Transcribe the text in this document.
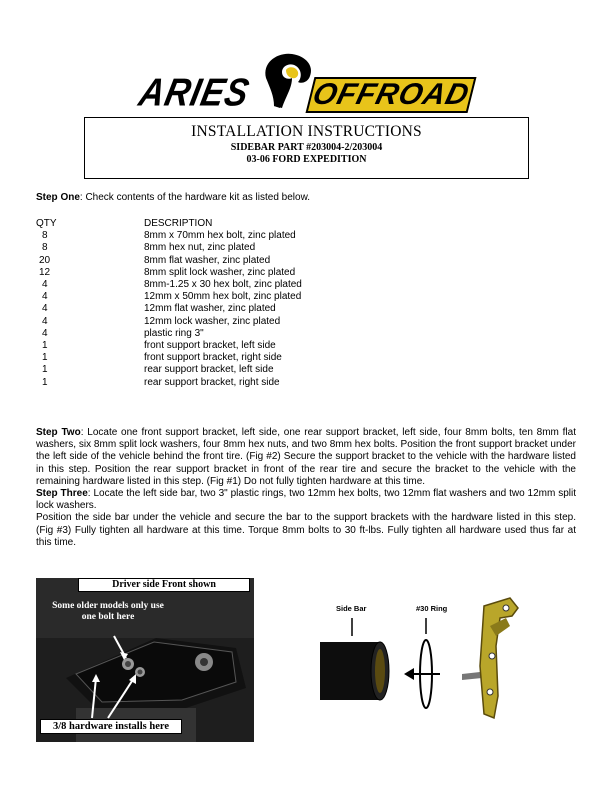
ARIES OFFROAD
INSTALLATION INSTRUCTIONS
SIDEBAR PART #203004-2/203004
03-06 FORD EXPEDITION
Step One: Check contents of the hardware kit as listed below.
QTY	DESCRIPTION
8	8mm x 70mm hex bolt, zinc plated
8	8mm hex nut, zinc plated
20	8mm flat washer, zinc plated
12	8mm split lock washer, zinc plated
4	8mm-1.25 x 30 hex bolt, zinc plated
4	12mm x 50mm hex bolt, zinc plated
4	12mm flat washer, zinc plated
4	12mm lock washer, zinc plated
4	plastic ring 3"
1	front support bracket, left side
1	front support bracket, right side
1	rear support bracket, left side
1	rear support bracket, right side

Step Two: Locate one front support bracket, left side, one rear support bracket, left side, four 8mm bolts, ten 8mm flat washers, six 8mm split lock washers, four 8mm hex nuts, and two 8mm hex bolts. Position the front support bracket under the left side of the vehicle behind the front tire. (Fig #2) Secure the support bracket to the vehicle with the hardware listed in this step. Position the rear support bracket in front of the rear tire and secure the bracket to the vehicle with the remaining hardware listed in this step. (Fig #1) Do not fully tighten hardware at this time.

Step Three: Locate the left side bar, two 3" plastic rings, two 12mm hex bolts, two 12mm flat washers and two 12mm split lock washers.

Position the side bar under the vehicle and secure the bar to the support brackets with the hardware listed in this step. (Fig #3) Fully tighten all hardware at this time. Torque 8mm bolts to 30 ft-lbs. Fully tighten all hardware used thus far at this time.

Driver side Front shown
Some older models only use one bolt here
3/8 hardware installs here
Side Bar	#30 Ring
